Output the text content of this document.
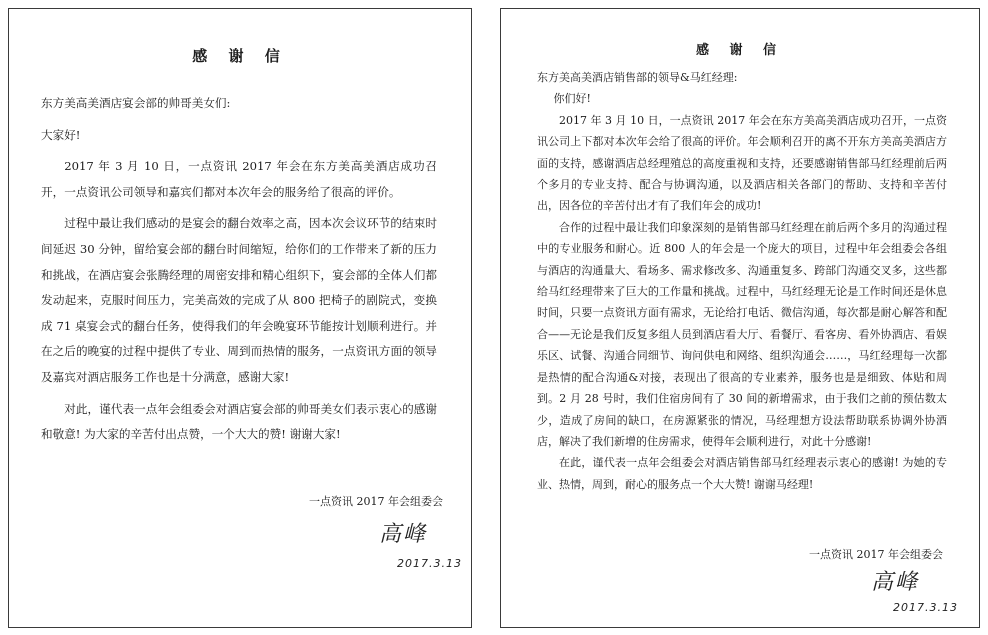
感 谢 信

东方美高美酒店宴会部的帅哥美女们:

大家好!

2017 年 3 月 10 日，一点资讯 2017 年会在东方美高美酒店成功召开，一点资讯公司领导和嘉宾们都对本次年会的服务给了很高的评价。

过程中最让我们感动的是宴会的翻台效率之高，因本次会议环节的结束时间延迟 30 分钟，留给宴会部的翻台时间缩短，给你们的工作带来了新的压力和挑战，在酒店宴会张腾经理的周密安排和精心组织下，宴会部的全体人们都发动起来，克服时间压力，完美高效的完成了从 800 把椅子的剧院式，变换成 71 桌宴会式的翻台任务，使得我们的年会晚宴环节能按计划顺利进行。并在之后的晚宴的过程中提供了专业、周到而热情的服务，一点资讯方面的领导及嘉宾对酒店服务工作也是十分满意，感谢大家!

对此，谨代表一点年会组委会对酒店宴会部的帅哥美女们表示衷心的感谢和敬意! 为大家的辛苦付出点赞，一个大大的赞! 谢谢大家!

一点资讯 2017 年会组委会
高峰
2017.3.13
感 谢 信

东方美高美酒店销售部的领导&马红经理:

你们好!

2017 年 3 月 10 日，一点资讯 2017 年会在东方美高美酒店成功召开，一点资讯公司上下都对本次年会给了很高的评价。年会顺利召开的离不开东方美高美酒店方面的支持，感谢酒店总经理殖总的高度重视和支持，还要感谢销售部马红经理前后两个多月的专业支持、配合与协调沟通，以及酒店相关各部门的帮助、支持和辛苦付出，因各位的辛苦付出才有了我们年会的成功!

合作的过程中最让我们印象深刻的是销售部马红经理在前后两个多月的沟通过程中的专业服务和耐心。近 800 人的年会是一个庞大的项目，过程中年会组委会各组与酒店的沟通量大、看场多、需求修改多、沟通重复多、跨部门沟通交叉多，这些都给马红经理带来了巨大的工作量和挑战。过程中，马红经理无论是工作时间还是休息时间，只要一点资讯方面有需求，无论给打电话、微信沟通，每次都是耐心解答和配合——无论是我们反复多组人员到酒店看大厅、看餐厅、看客房、看外协酒店、看娱乐区、试餐、沟通合同细节、询问供电和网络、组织沟通会……，马红经理每一次都是热情的配合沟通&对接，表现出了很高的专业素养，服务也是是细致、体贴和周到。2 月 28 号时，我们住宿房间有了 30 间的新增需求，由于我们之前的预估数太少，造成了房间的缺口，在房源紧张的情况，马经理想方设法帮助联系协调外协酒店，解决了我们新增的住房需求，使得年会顺利进行，对此十分感谢!

在此，谨代表一点年会组委会对酒店销售部马红经理表示衷心的感谢! 为她的专业、热情，周到，耐心的服务点一个大大赞! 谢谢马经理!

一点资讯 2017 年会组委会
高峰
2017.3.13
